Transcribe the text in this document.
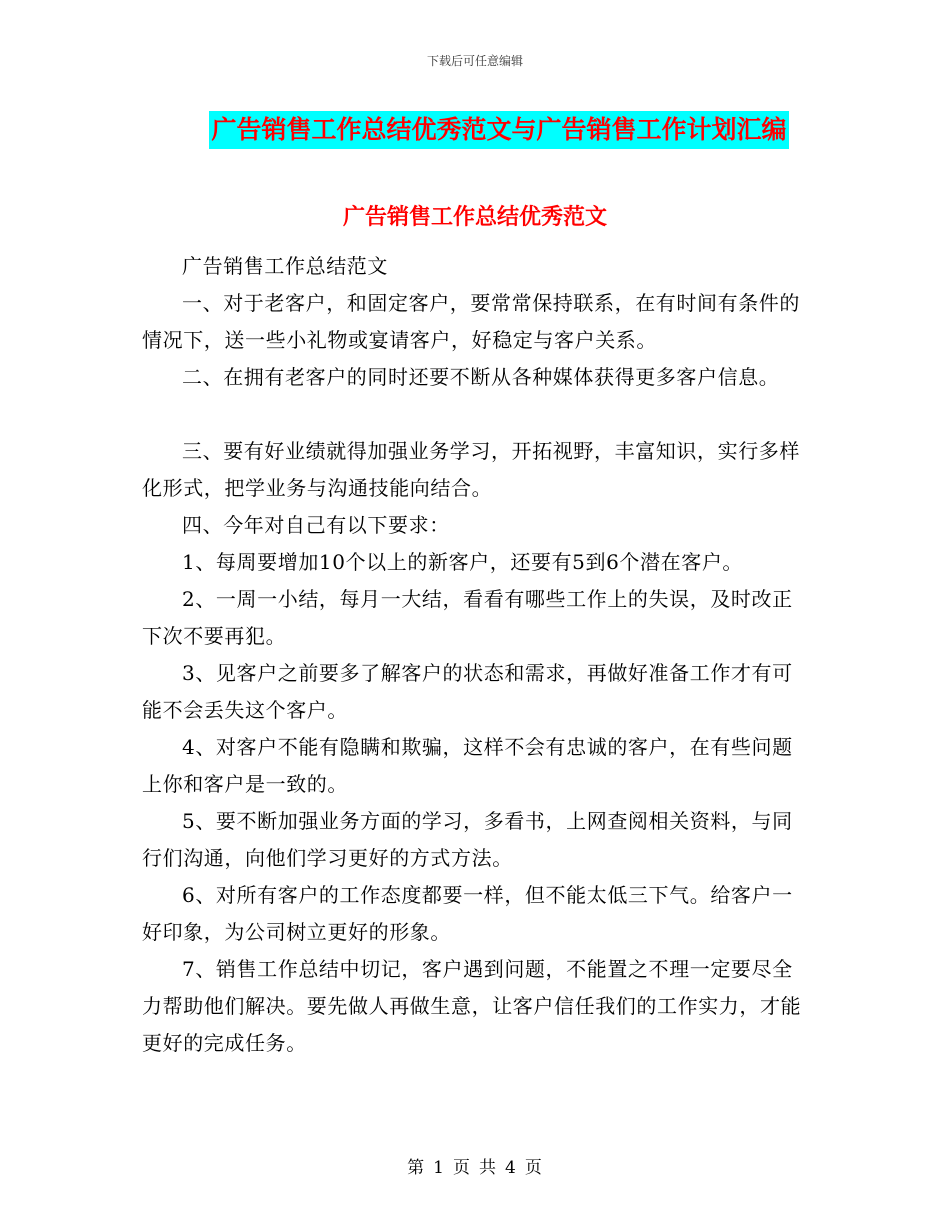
下载后可任意编辑
广告销售工作总结优秀范文与广告销售工作计划汇编
广告销售工作总结优秀范文

广告销售工作总结范文

一、对于老客户，和固定客户，要常常保持联系，在有时间有条件的情况下，送一些小礼物或宴请客户，好稳定与客户关系。

二、在拥有老客户的同时还要不断从各种媒体获得更多客户信息。

三、要有好业绩就得加强业务学习，开拓视野，丰富知识，实行多样化形式，把学业务与沟通技能向结合。

四、今年对自己有以下要求：

1、每周要增加10个以上的新客户，还要有5到6个潜在客户。

2、一周一小结，每月一大结，看看有哪些工作上的失误，及时改正下次不要再犯。

3、见客户之前要多了解客户的状态和需求，再做好准备工作才有可能不会丢失这个客户。

4、对客户不能有隐瞒和欺骗，这样不会有忠诚的客户，在有些问题上你和客户是一致的。

5、要不断加强业务方面的学习，多看书，上网查阅相关资料，与同行们沟通，向他们学习更好的方式方法。

6、对所有客户的工作态度都要一样，但不能太低三下气。给客户一好印象，为公司树立更好的形象。

7、销售工作总结中切记，客户遇到问题，不能置之不理一定要尽全力帮助他们解决。要先做人再做生意，让客户信任我们的工作实力，才能更好的完成任务。

第 1 页 共 4 页
